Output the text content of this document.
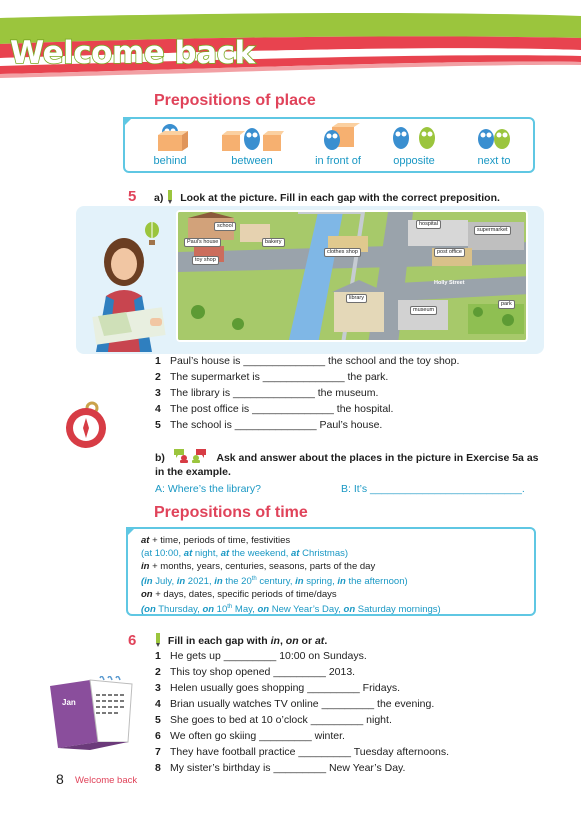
Welcome back
Prepositions of place
behind	between	in front of	opposite	next to
5 a) Look at the picture. Fill in each gap with the correct preposition.
school
Paul's house	bakery
toy shop
clothes shop
hospital
supermarket
post office
Holly Street
library
museum
park
1 Paul’s house is ______________ the school and the toy shop.
2 The supermarket is ______________ the park.
3 The library is ______________ the museum.
4 The post office is ______________ the hospital.
5 The school is ______________ Paul’s house.
b)	Ask and answer about the places in the picture in Exercise 5a as in the example.
A: Where’s the library?	B: It’s __________________________.
Prepositions of time
at + time, periods of time, festivities
(at 10:00, at night, at the weekend, at Christmas)
in + months, years, centuries, seasons, parts of the day
(in July, in 2021, in the 20th century, in spring, in the afternoon)
on + days, dates, specific periods of time/days
(on Thursday, on 10th May, on New Year’s Day, on Saturday mornings)
6	Fill in each gap with in, on or at.
1 He gets up _________ 10:00 on Sundays.
2 This toy shop opened _________ 2013.
3 Helen usually goes shopping _________ Fridays.
4 Brian usually watches TV online _________ the evening.
5 She goes to bed at 10 o’clock _________ night.
6 We often go skiing _________ winter.
7 They have football practice _________ Tuesday afternoons.
8 My sister’s birthday is _________ New Year’s Day.
Jan
8 Welcome back
